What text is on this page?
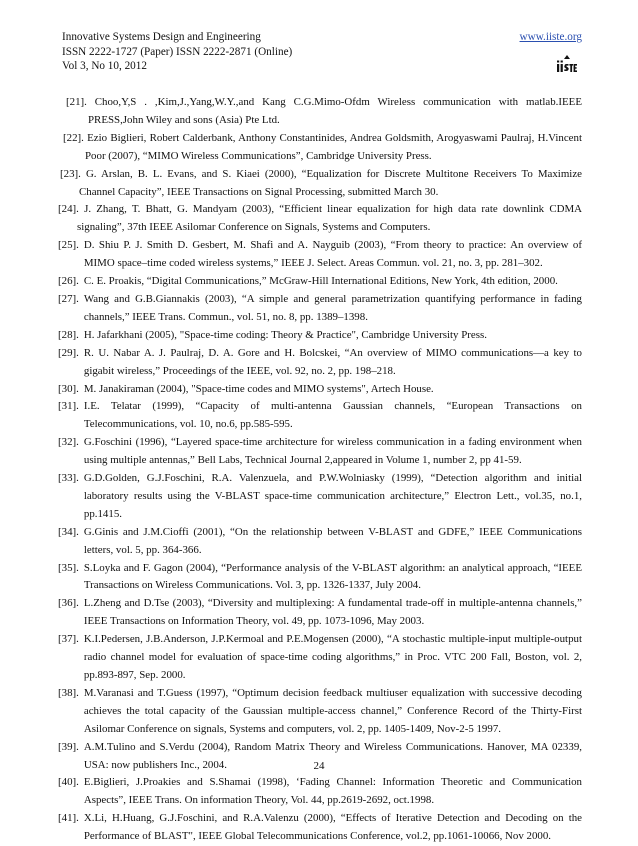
Innovative Systems Design and Engineering
ISSN 2222-1727 (Paper) ISSN 2222-2871 (Online)
Vol 3, No 10, 2012
www.iiste.org
[21]. Choo,Y,S . ,Kim,J.,Yang,W.Y.,and Kang C.G.Mimo-Ofdm Wireless communication with matlab.IEEE PRESS,John Wiley and sons (Asia) Pte Ltd.
[22]. Ezio Biglieri, Robert Calderbank, Anthony Constantinides, Andrea Goldsmith, Arogyaswami Paulraj, H.Vincent Poor (2007), “MIMO Wireless Communications”, Cambridge University Press.
[23]. G. Arslan, B. L. Evans, and S. Kiaei (2000), “Equalization for Discrete Multitone Receivers To Maximize Channel Capacity”, IEEE Transactions on Signal Processing, submitted March 30.
[24]. J. Zhang, T. Bhatt, G. Mandyam (2003), “Efficient linear equalization for high data rate downlink CDMA signaling”, 37th IEEE Asilomar Conference on Signals, Systems and Computers.
[25]. D. Shiu P. J. Smith D. Gesbert, M. Shafi and A. Nayguib (2003), “From theory to practice: An overview of MIMO space–time coded wireless systems,” IEEE J. Select. Areas Commun. vol. 21, no. 3, pp. 281–302.
[26]. C. E. Proakis, “Digital Communications,” McGraw-Hill International Editions, New York, 4th edition, 2000.
[27]. Wang and G.B.Giannakis (2003), “A simple and general parametrization quantifying performance in fading channels,” IEEE Trans. Commun., vol. 51, no. 8, pp. 1389–1398.
[28]. H. Jafarkhani (2005), "Space-time coding: Theory & Practice", Cambridge University Press.
[29]. R. U. Nabar A. J. Paulraj, D. A. Gore and H. Bolcskei, “An overview of MIMO communications—a key to gigabit wireless,” Proceedings of the IEEE, vol. 92, no. 2, pp. 198–218.
[30]. M. Janakiraman (2004), "Space-time codes and MIMO systems", Artech House.
[31]. I.E. Telatar (1999), “Capacity of multi-antenna Gaussian channels, “European Transactions on Telecommunications, vol. 10, no.6, pp.585-595.
[32]. G.Foschini (1996), “Layered space-time architecture for wireless communication in a fading environment when using multiple antennas,” Bell Labs, Technical Journal 2,appeared in Volume 1, number 2, pp 41-59.
[33]. G.D.Golden, G.J.Foschini, R.A. Valenzuela, and P.W.Wolniasky (1999), “Detection algorithm and initial laboratory results using the V-BLAST space-time communication architecture,” Electron Lett., vol.35, no.1, pp.1415.
[34]. G.Ginis and J.M.Cioffi (2001), “On the relationship between V-BLAST and GDFE,” IEEE Communications letters, vol. 5, pp. 364-366.
[35]. S.Loyka and F. Gagon (2004), “Performance analysis of the V-BLAST algorithm: an analytical approach, “IEEE Transactions on Wireless Communications. Vol. 3, pp. 1326-1337, July 2004.
[36]. L.Zheng and D.Tse (2003), “Diversity and multiplexing: A fundamental trade-off in multiple-antenna channels,” IEEE Transactions on Information Theory, vol. 49, pp. 1073-1096, May 2003.
[37]. K.I.Pedersen, J.B.Anderson, J.P.Kermoal and P.E.Mogensen (2000), “A stochastic multiple-input multiple-output radio channel model for evaluation of space-time coding algorithms,” in Proc. VTC 200 Fall, Boston, vol. 2, pp.893-897, Sep. 2000.
[38]. M.Varanasi and T.Guess (1997), “Optimum decision feedback multiuser equalization with successive decoding achieves the total capacity of the Gaussian multiple-access channel,” Conference Record of the Thirty-First Asilomar Conference on signals, Systems and computers, vol. 2, pp. 1405-1409, Nov-2-5 1997.
[39]. A.M.Tulino and S.Verdu (2004), Random Matrix Theory and Wireless Communications. Hanover, MA 02339, USA: now publishers Inc., 2004.
[40]. E.Biglieri, J.Proakies and S.Shamai (1998), ‘Fading Channel: Information Theoretic and Communication Aspects”, IEEE Trans. On information Theory, Vol. 44, pp.2619-2692, oct.1998.
[41]. X.Li, H.Huang, G.J.Foschini, and R.A.Valenzu (2000), “Effects of Iterative Detection and Decoding on the Performance of BLAST", IEEE Global Telecommunications Conference, vol.2, pp.1061-10066, Nov 2000.
24
